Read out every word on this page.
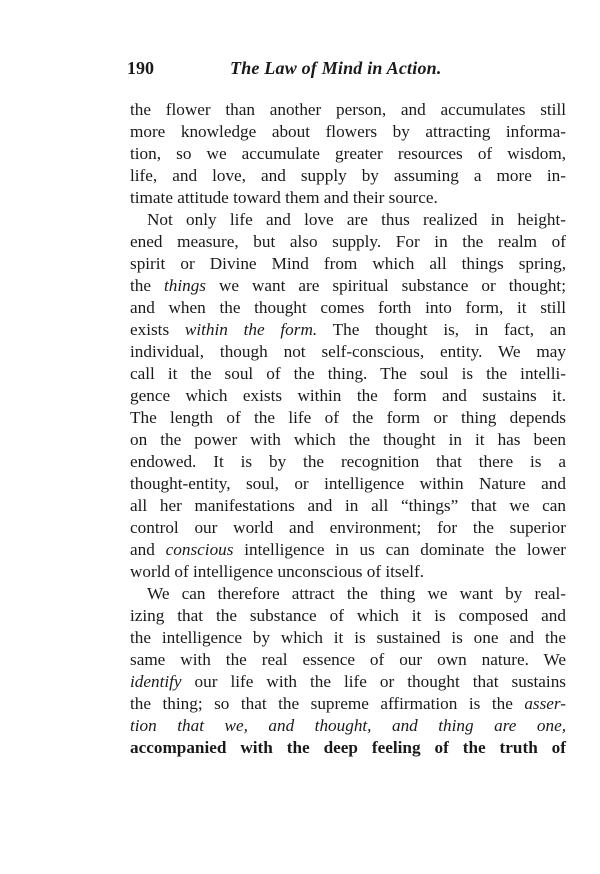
190	The Law of Mind in Action.
the flower than another person, and accumulates still
more knowledge about flowers by attracting informa-
tion, so we accumulate greater resources of wisdom,
life, and love, and supply by assuming a more in-
timate attitude toward them and their source.
Not only life and love are thus realized in height-
ened measure, but also supply. For in the realm of
spirit or Divine Mind from which all things spring,
the things we want are spiritual substance or thought;
and when the thought comes forth into form, it still
exists within the form. The thought is, in fact, an
individual, though not self-conscious, entity. We may
call it the soul of the thing. The soul is the intelli-
gence which exists within the form and sustains it.
The length of the life of the form or thing depends
on the power with which the thought in it has been
endowed. It is by the recognition that there is a
thought-entity, soul, or intelligence within Nature and
all her manifestations and in all “things” that we can
control our world and environment; for the superior
and conscious intelligence in us can dominate the lower
world of intelligence unconscious of itself.
We can therefore attract the thing we want by real-
izing that the substance of which it is composed and
the intelligence by which it is sustained is one and the
same with the real essence of our own nature. We
identify our life with the life or thought that sustains
the thing; so that the supreme affirmation is the asser-
tion that we, and thought, and thing are one,
accompanied with the deep feeling of the truth of
